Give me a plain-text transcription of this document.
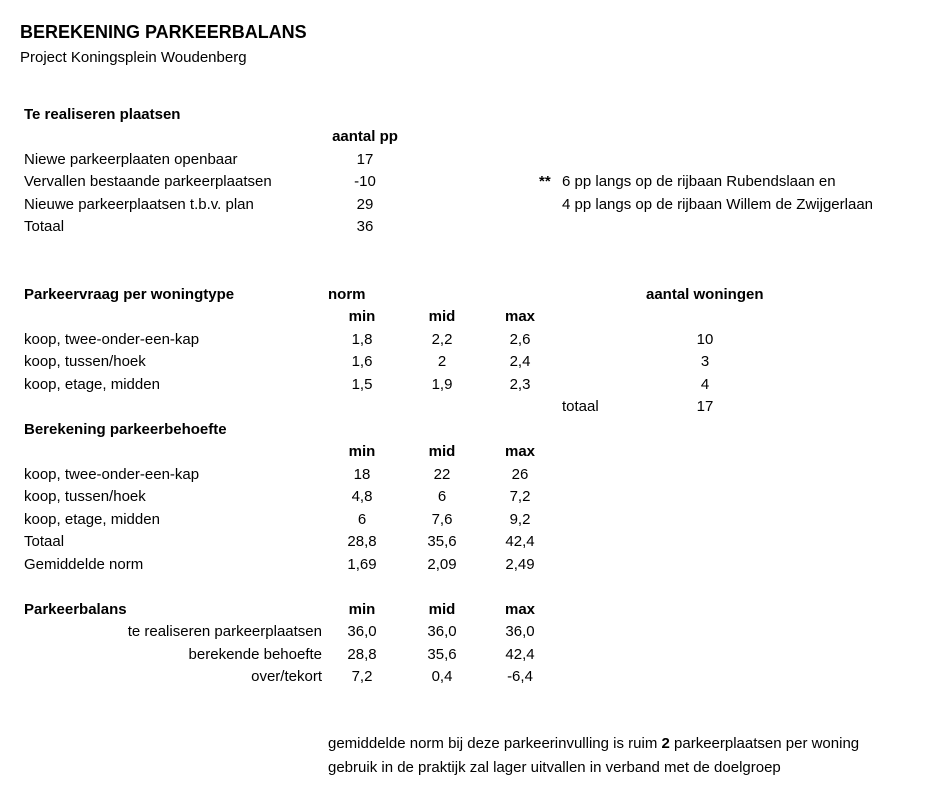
BEREKENING PARKEERBALANS
Project Koningsplein Woudenberg
Te realiseren plaatsen
aantal pp
Niewe parkeerplaaten openbaar	17
Vervallen bestaande parkeerplaatsen	-10
Nieuwe parkeerplaatsen t.b.v. plan	29
Totaal	36
** 6 pp langs op de rijbaan Rubendslaan en
4 pp langs op de rijbaan Willem de Zwijgerlaan
Parkeervraag per woningtype	norm	aantal woningen
min	mid	max
koop, twee-onder-een-kap	1,8	2,2	2,6	10
koop, tussen/hoek	1,6	2	2,4	3
koop, etage, midden	1,5	1,9	2,3	4
totaal	17
Berekening parkeerbehoefte
min	mid	max
koop, twee-onder-een-kap	18	22	26
koop, tussen/hoek	4,8	6	7,2
koop, etage, midden	6	7,6	9,2
Totaal	28,8	35,6	42,4
Gemiddelde norm	1,69	2,09	2,49
Parkeerbalans	min	mid	max
te realiseren parkeerplaatsen	36,0	36,0	36,0
berekende behoefte	28,8	35,6	42,4
over/tekort	7,2	0,4	-6,4
gemiddelde norm bij deze parkeerinvulling is ruim 2 parkeerplaatsen per woning
gebruik in de praktijk zal lager uitvallen in verband met de doelgroep
